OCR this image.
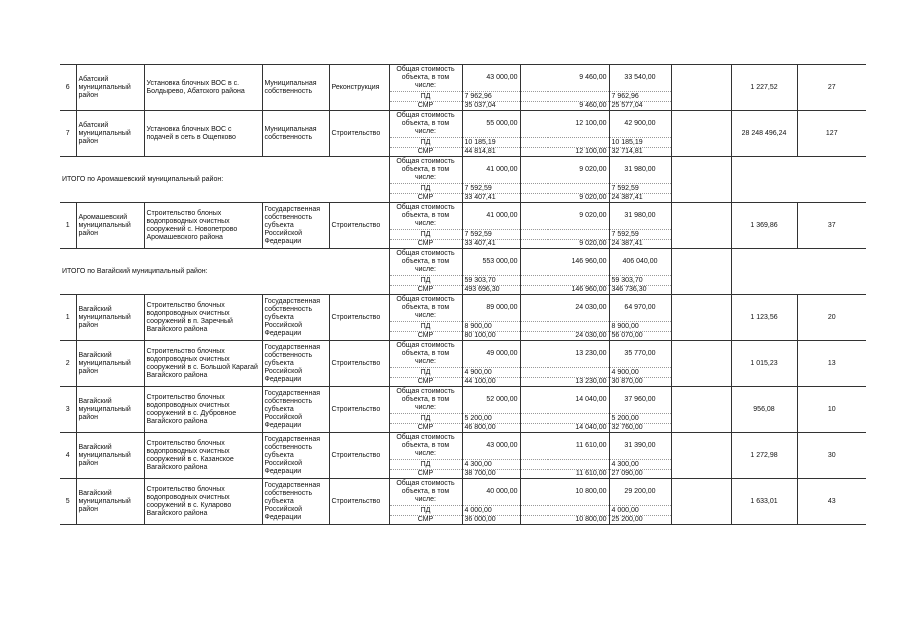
6	Абатский муниципальный район	Установка блочных ВОС в с. Болдырево, Абатского района	Муниципальная собственность	Реконструкция	Общая стоимость объекта, в том числе:	43 000,00		9 460,00	33 540,00		1 227,52	27
					ПД	7 962,96			7 962,96			
					СМР	35 037,04		9 460,00	25 577,04			
7	Абатский муниципальный район	Установка блочных ВОС с подачей в сеть в Ощепково	Муниципальная собственность	Строительство	Общая стоимость объекта, в том числе:	55 000,00		12 100,00	42 900,00		28 248 496,24	127
					ПД	10 185,19			10 185,19			
					СМР	44 814,81		12 100,00	32 714,81			
ИТОГО по Аромашевский муниципальный район:					Общая стоимость объекта, в том числе:	41 000,00		9 020,00	31 980,00			
					ПД	7 592,59			7 592,59			
					СМР	33 407,41		9 020,00	24 387,41			
1	Аромашевский муниципальный район	Строительство блоных водопроводных очистных сооружений с. Новопетрово Аромашевского района	Государственная собственность субъекта Российской Федерации	Строительство	Общая стоимость объекта, в том числе:	41 000,00		9 020,00	31 980,00		1 369,86	37
					ПД	7 592,59			7 592,59			
					СМР	33 407,41		9 020,00	24 387,41			
ИТОГО по Вагайский муниципальный район:					Общая стоимость объекта, в том числе:	553 000,00		146 960,00	406 040,00			
					ПД	59 303,70			59 303,70			
					СМР	493 696,30		146 960,00	346 736,30			
1	Вагайский муниципальный район	Строительство блочных водопроводных очистных сооружений в п. Заречный Вагайского района	Государственная собственность субъекта Российской Федерации	Строительство	Общая стоимость объекта, в том числе:	89 000,00		24 030,00	64 970,00		1 123,56	20
					ПД	8 900,00			8 900,00			
					СМР	80 100,00		24 030,00	56 070,00			
2	Вагайский муниципальный район	Строительство блочных водопроводных очистных сооружений в с. Большой Карагай Вагайского района	Государственная собственность субъекта Российской Федерации	Строительство	Общая стоимость объекта, в том числе:	49 000,00		13 230,00	35 770,00		1 015,23	13
					ПД	4 900,00			4 900,00			
					СМР	44 100,00		13 230,00	30 870,00			
3	Вагайский муниципальный район	Строительство блочных водопроводных очистных сооружений в с. Дубровное Вагайского района	Государственная собственность субъекта Российской Федерации	Строительство	Общая стоимость объекта, в том числе:	52 000,00		14 040,00	37 960,00		956,08	10
					ПД	5 200,00			5 200,00			
					СМР	46 800,00		14 040,00	32 760,00			
4	Вагайский муниципальный район	Строительство блочных водопроводных очистных сооружений в с. Казанское Вагайского района	Государственная собственность субъекта Российской Федерации	Строительство	Общая стоимость объекта, в том числе:	43 000,00		11 610,00	31 390,00		1 272,98	30
					ПД	4 300,00			4 300,00			
					СМР	38 700,00		11 610,00	27 090,00			
5	Вагайский муниципальный район	Строительство блочных водопроводных очистных сооружений в с. Куларово Вагайского района	Государственная собственность субъекта Российской Федерации	Строительство	Общая стоимость объекта, в том числе:	40 000,00		10 800,00	29 200,00		1 633,01	43
					ПД	4 000,00			4 000,00			
					СМР	36 000,00		10 800,00	25 200,00			
